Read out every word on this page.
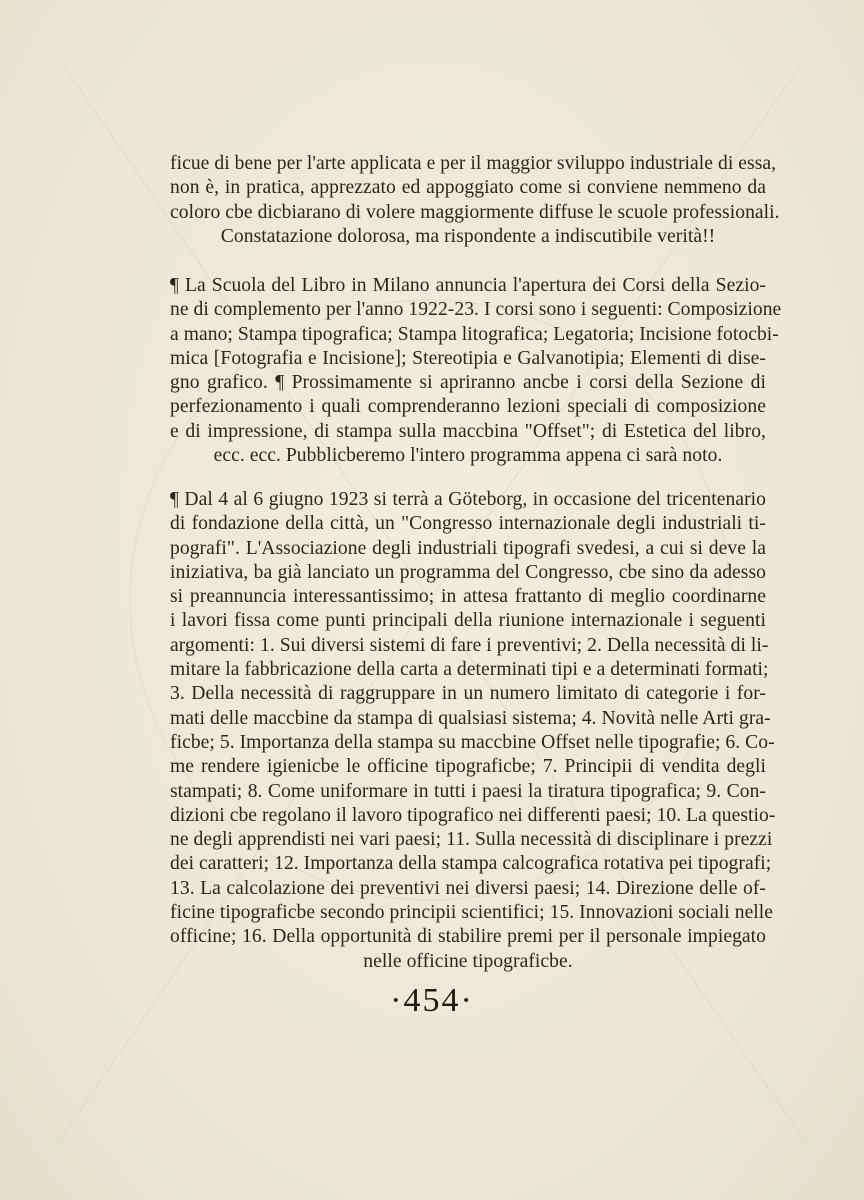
ficue di bene per l'arte applicata e per il maggior sviluppo industriale di essa,
non è, in pratica, apprezzato ed appoggiato come si conviene nemmeno da
coloro cbe dicbiarano di volere maggiormente diffuse le scuole professionali.
Constatazione dolorosa, ma rispondente a indiscutibile verità!!
¶ La Scuola del Libro in Milano annuncia l'apertura dei Corsi della Sezio-
ne di complemento per l'anno 1922-23. I corsi sono i seguenti: Composizione
a mano; Stampa tipografica; Stampa litografica; Legatoria; Incisione fotocbi-
mica [Fotografia e Incisione]; Stereotipia e Galvanotipia; Elementi di dise-
gno grafico. ¶ Prossimamente si apriranno ancbe i corsi della Sezione di
perfezionamento i quali comprenderanno lezioni speciali di composizione
e di impressione, di stampa sulla maccbina "Offset"; di Estetica del libro,
ecc. ecc. Pubblicberemo l'intero programma appena ci sarà noto.
¶ Dal 4 al 6 giugno 1923 si terrà a Göteborg, in occasione del tricentenario
di fondazione della città, un "Congresso internazionale degli industriali ti-
pografi". L'Associazione degli industriali tipografi svedesi, a cui si deve la
iniziativa, ba già lanciato un programma del Congresso, cbe sino da adesso
si preannuncia interessantissimo; in attesa frattanto di meglio coordinarne
i lavori fissa come punti principali della riunione internazionale i seguenti
argomenti: 1. Sui diversi sistemi di fare i preventivi; 2. Della necessità di li-
mitare la fabbricazione della carta a determinati tipi e a determinati formati;
3. Della necessità di raggruppare in un numero limitato di categorie i for-
mati delle maccbine da stampa di qualsiasi sistema; 4. Novità nelle Arti gra-
ficbe; 5. Importanza della stampa su maccbine Offset nelle tipografie; 6. Co-
me rendere igienicbe le officine tipograficbe; 7. Principii di vendita degli
stampati; 8. Come uniformare in tutti i paesi la tiratura tipografica; 9. Con-
dizioni cbe regolano il lavoro tipografico nei differenti paesi; 10. La questio-
ne degli apprendisti nei vari paesi; 11. Sulla necessità di disciplinare i prezzi
dei caratteri; 12. Importanza della stampa calcografica rotativa pei tipografi;
13. La calcolazione dei preventivi nei diversi paesi; 14. Direzione delle of-
ficine tipograficbe secondo principii scientifici; 15. Innovazioni sociali nelle
officine; 16. Della opportunità di stabilire premi per il personale impiegato
nelle officine tipograficbe.
·454·
